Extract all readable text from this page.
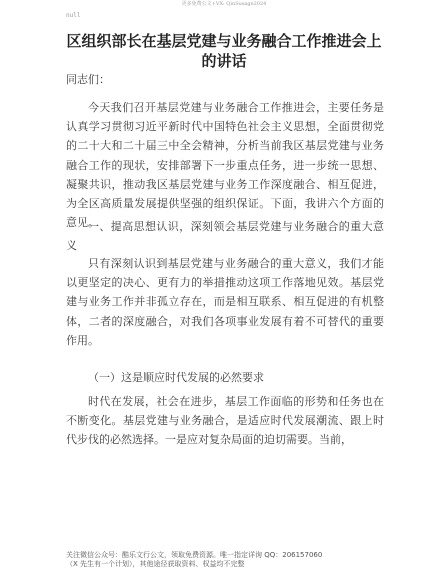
更多免费公文+VX: QinSusage2024
null
区组织部长在基层党建与业务融合工作推进会上的讲话
同志们：

今天我们召开基层党建与业务融合工作推进会，主要任务是认真学习贯彻习近平新时代中国特色社会主义思想，全面贯彻党的二十大和二十届三中全会精神，分析当前我区基层党建与业务融合工作的现状，安排部署下一步重点任务，进一步统一思想、凝聚共识，推动我区基层党建与业务工作深度融合、相互促进，为全区高质量发展提供坚强的组织保证。下面，我讲六个方面的意见。

一、提高思想认识，深刻领会基层党建与业务融合的重大意义

只有深刻认识到基层党建与业务融合的重大意义，我们才能以更坚定的决心、更有力的举措推动这项工作落地见效。基层党建与业务工作并非孤立存在，而是相互联系、相互促进的有机整体，二者的深度融合，对我们各项事业发展有着不可替代的重要作用。

（一）这是顺应时代发展的必然要求

时代在发展，社会在进步，基层工作面临的形势和任务也在不断变化。基层党建与业务融合，是适应时代发展潮流、跟上时代步伐的必然选择。一是应对复杂局面的迫切需要。当前，

关注微信公众号：酷乐文行公文，领取免费资源。唯一指定详询 QQ：206157060
（X 先生有一个计划），其他途径获取资料、权益均不完整
